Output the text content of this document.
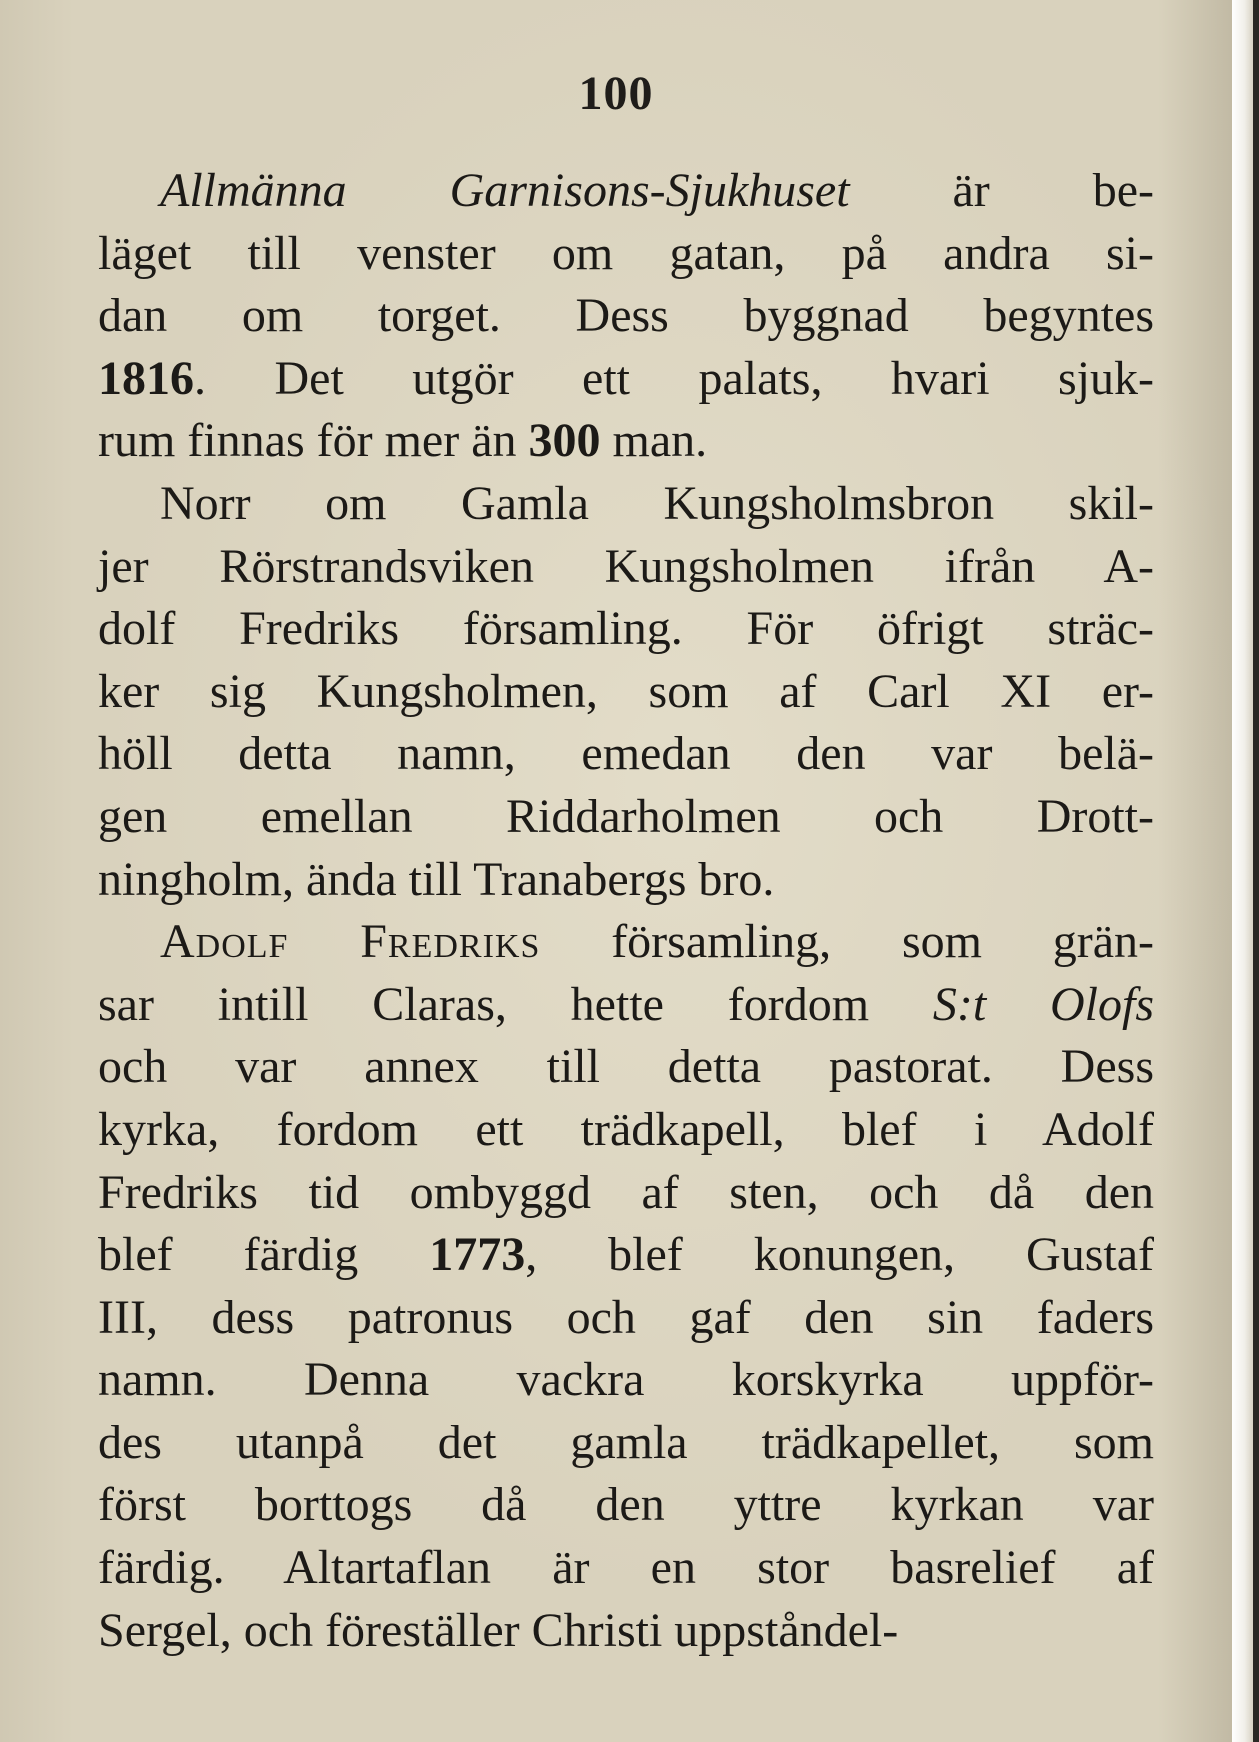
100
Allmänna Garnisons-Sjukhuset är be-
läget till venster om gatan, på andra si-
dan om torget. Dess byggnad begyntes
1816. Det utgör ett palats, hvari sjuk-
rum finnas för mer än 300 man.
Norr om Gamla Kungsholmsbron skil-
jer Rörstrandsviken Kungsholmen ifrån A-
dolf Fredriks församling. För öfrigt sträc-
ker sig Kungsholmen, som af Carl XI er-
höll detta namn, emedan den var belä-
gen emellan Riddarholmen och Drott-
ningholm, ända till Tranabergs bro.
Adolf Fredriks församling, som grän-
sar intill Claras, hette fordom S:t Olofs
och var annex till detta pastorat. Dess
kyrka, fordom ett trädkapell, blef i Adolf
Fredriks tid ombyggd af sten, och då den
blef färdig 1773, blef konungen, Gustaf
III, dess patronus och gaf den sin faders
namn. Denna vackra korskyrka uppför-
des utanpå det gamla trädkapellet, som
först borttogs då den yttre kyrkan var
färdig. Altartaflan är en stor basrelief af
Sergel, och föreställer Christi uppståndel-
